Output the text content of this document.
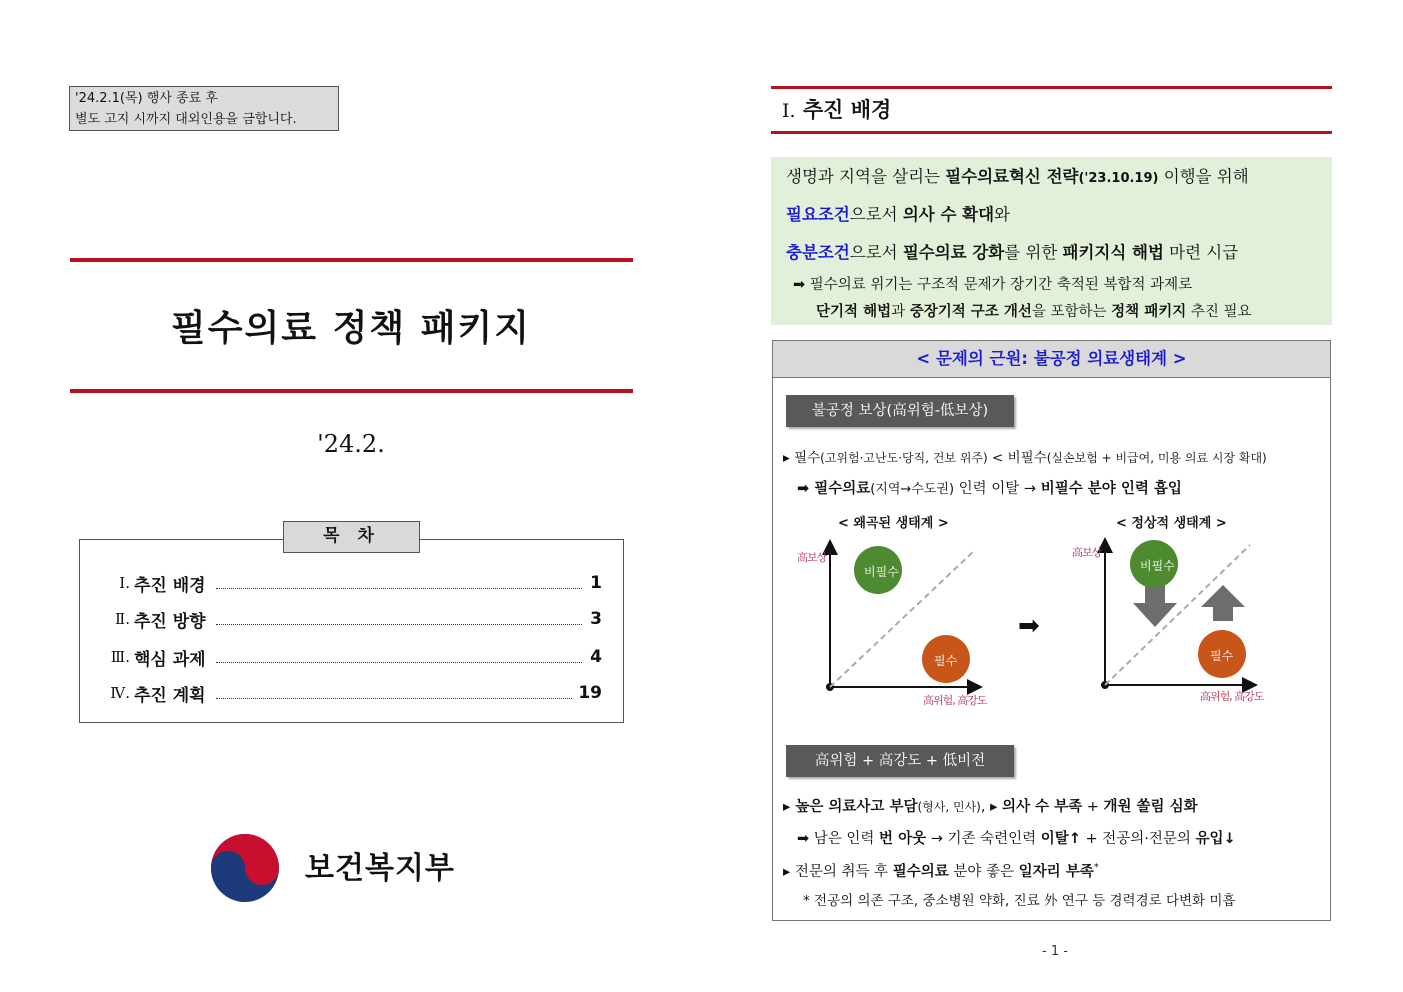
'24.2.1(목) 행사 종료 후
별도 고지 시까지 대외인용을 금합니다.
필수의료 정책 패키지
'24.2.
목 차
Ⅰ. 추진 배경	1
Ⅱ. 추진 방향	3
Ⅲ. 핵심 과제	4
Ⅳ. 추진 계획	19
보건복지부
Ⅰ. 추진 배경
생명과 지역을 살리는 필수의료혁신 전략('23.10.19) 이행을 위해
필요조건으로서 의사 수 확대와
충분조건으로서 필수의료 강화를 위한 패키지식 해법 마련 시급
➡ 필수의료 위기는 구조적 문제가 장기간 축적된 복합적 과제로
단기적 해법과 중장기적 구조 개선을 포함하는 정책 패키지 추진 필요
< 문제의 근원: 불공정 의료생태계 >
불공정 보상(高위험-低보상)
▸ 필수(고위험·고난도·당직, 건보 위주) < 비필수(실손보험 + 비급여, 미용 의료 시장 확대)
➡ 필수의료(지역→수도권) 인력 이탈 → 비필수 분야 인력 흡입
< 왜곡된 생태계 >	< 정상적 생태계 >
高보상
高위험, 高강도
비필수
필수
➡
高보상
高위험, 高강도
비필수
필수
高위험 + 高강도 + 低비전
▸ 높은 의료사고 부담(형사, 민사), ▸ 의사 수 부족 + 개원 쏠림 심화
➡ 남은 인력 번 아웃 → 기존 숙련인력 이탈↑ + 전공의·전문의 유입↓
▸ 전문의 취득 후 필수의료 분야 좋은 일자리 부족*
* 전공의 의존 구조, 중소병원 약화, 진료 外 연구 등 경력경로 다변화 미흡
- 1 -
